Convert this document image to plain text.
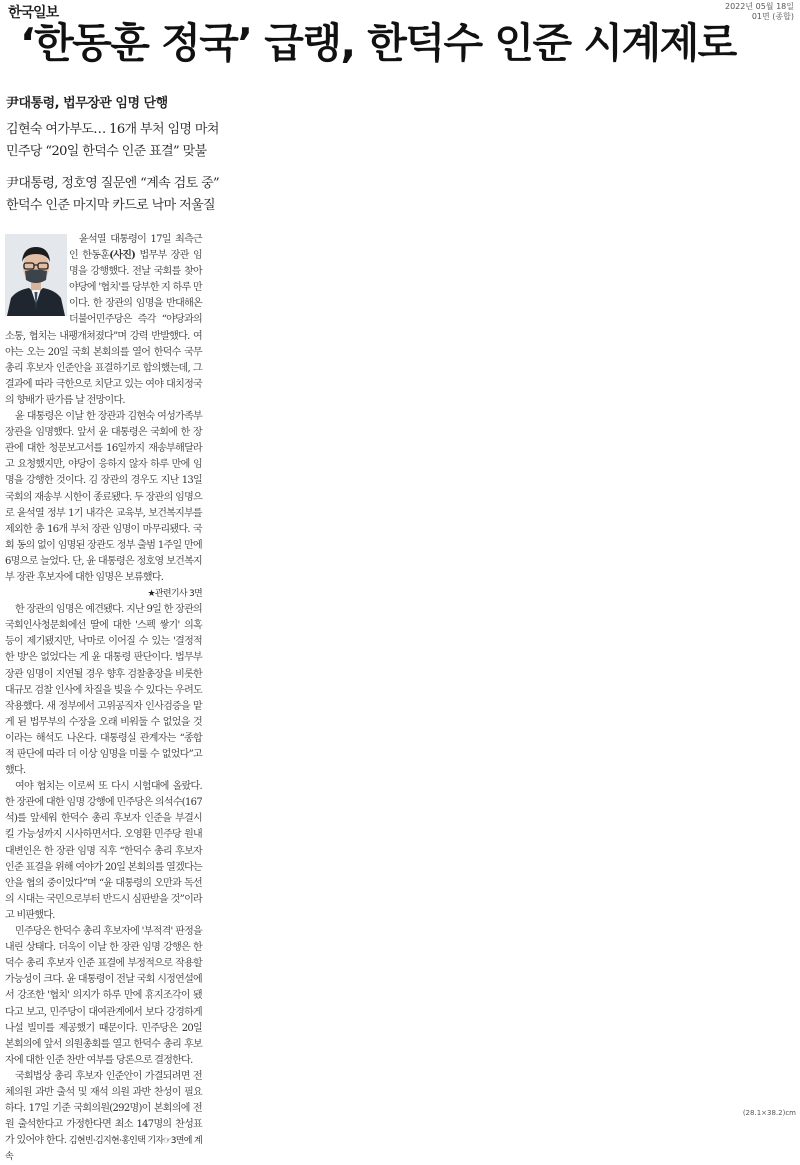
한국일보	2022년 05월 18일
01면 (종합)
‘한동훈 정국’ 급랭, 한덕수 인준 시계제로
尹대통령, 법무장관 임명 단행
김현숙 여가부도… 16개 부처 임명 마쳐
민주당 “20일 한덕수 인준 표결” 맞불
尹대통령, 정호영 질문엔 “계속 검토 중”
한덕수 인준 마지막 카드로 낙마 저울질

윤석열 대통령이 17일 최측근인 한동훈(사진) 법무부 장관 임명을 강행했다. 전날 국회를 찾아 야당에 '협치'를 당부한 지 하루 만이다. 한 장관의 임명을 반대해온 더불어민주당은 즉각 “야당과의 소통, 협치는 내팽개쳐졌다”며 강력 반발했다. 여야는 오는 20일 국회 본회의를 열어 한덕수 국무총리 후보자 인준안을 표결하기로 합의했는데, 그 결과에 따라 극한으로 치닫고 있는 여야 대치정국의 향배가 판가름 날 전망이다.

윤 대통령은 이날 한 장관과 김현숙 여성가족부 장관을 임명했다. 앞서 윤 대통령은 국회에 한 장관에 대한 청문보고서를 16일까지 재송부해달라고 요청했지만, 야당이 응하지 않자 하루 만에 임명을 강행한 것이다. 김 장관의 경우도 지난 13일 국회의 재송부 시한이 종료됐다. 두 장관의 임명으로 윤석열 정부 1기 내각은 교육부, 보건복지부를 제외한 총 16개 부처 장관 임명이 마무리됐다. 국회 동의 없이 임명된 장관도 정부 출범 1주일 만에 6명으로 늘었다. 단, 윤 대통령은 정호영 보건복지부 장관 후보자에 대한 임명은 보류했다.

★관련기사 3면

한 장관의 임명은 예견됐다. 지난 9일 한 장관의 국회인사청문회에선 딸에 대한 '스펙 쌓기' 의혹 등이 제기됐지만, 낙마로 이어질 수 있는 '결정적 한 방'은 없었다는 게 윤 대통령 판단이다. 법무부 장관 임명이 지연될 경우 향후 검찰총장을 비롯한 대규모 검찰 인사에 차질을 빚을 수 있다는 우려도 작용했다. 새 정부에서 고위공직자 인사검증을 맡게 된 법무부의 수장을 오래 비워둘 수 없었을 것이라는 해석도 나온다. 대통령실 관계자는 “종합적 판단에 따라 더 이상 임명을 미룰 수 없었다”고 했다.

여야 협치는 이로써 또 다시 시험대에 올랐다. 한 장관에 대한 임명 강행에 민주당은 의석수(167석)를 앞세워 한덕수 총리 후보자 인준을 부결시킬 가능성까지 시사하면서다. 오영환 민주당 원내대변인은 한 장관 임명 직후 “한덕수 총리 후보자 인준 표결을 위해 여야가 20일 본회의를 열겠다는 안을 협의 중이었다”며 “윤 대통령의 오만과 독선의 시대는 국민으로부터 반드시 심판받을 것”이라고 비판했다.

민주당은 한덕수 총리 후보자에 '부적격' 판정을 내린 상태다. 더욱이 이날 한 장관 임명 강행은 한덕수 총리 후보자 인준 표결에 부정적으로 작용할 가능성이 크다. 윤 대통령이 전날 국회 시정연설에서 강조한 '협치' 의지가 하루 만에 휴지조각이 됐다고 보고, 민주당이 대여관계에서 보다 강경하게 나설 빌미를 제공했기 때문이다. 민주당은 20일 본회의에 앞서 의원총회를 열고 한덕수 총리 후보자에 대한 인준 찬반 여부를 당론으로 결정한다.

국회법상 총리 후보자 인준안이 가결되려면 전체의원 과반 출석 및 재석 의원 과반 찬성이 필요하다. 17일 기준 국회의원(292명)이 본회의에 전원 출석한다고 가정한다면 최소 147명의 찬성표가 있어야 한다. 김현빈·김지현·홍인택 기자☞3면에 계속

(28.1×38.2)cm
